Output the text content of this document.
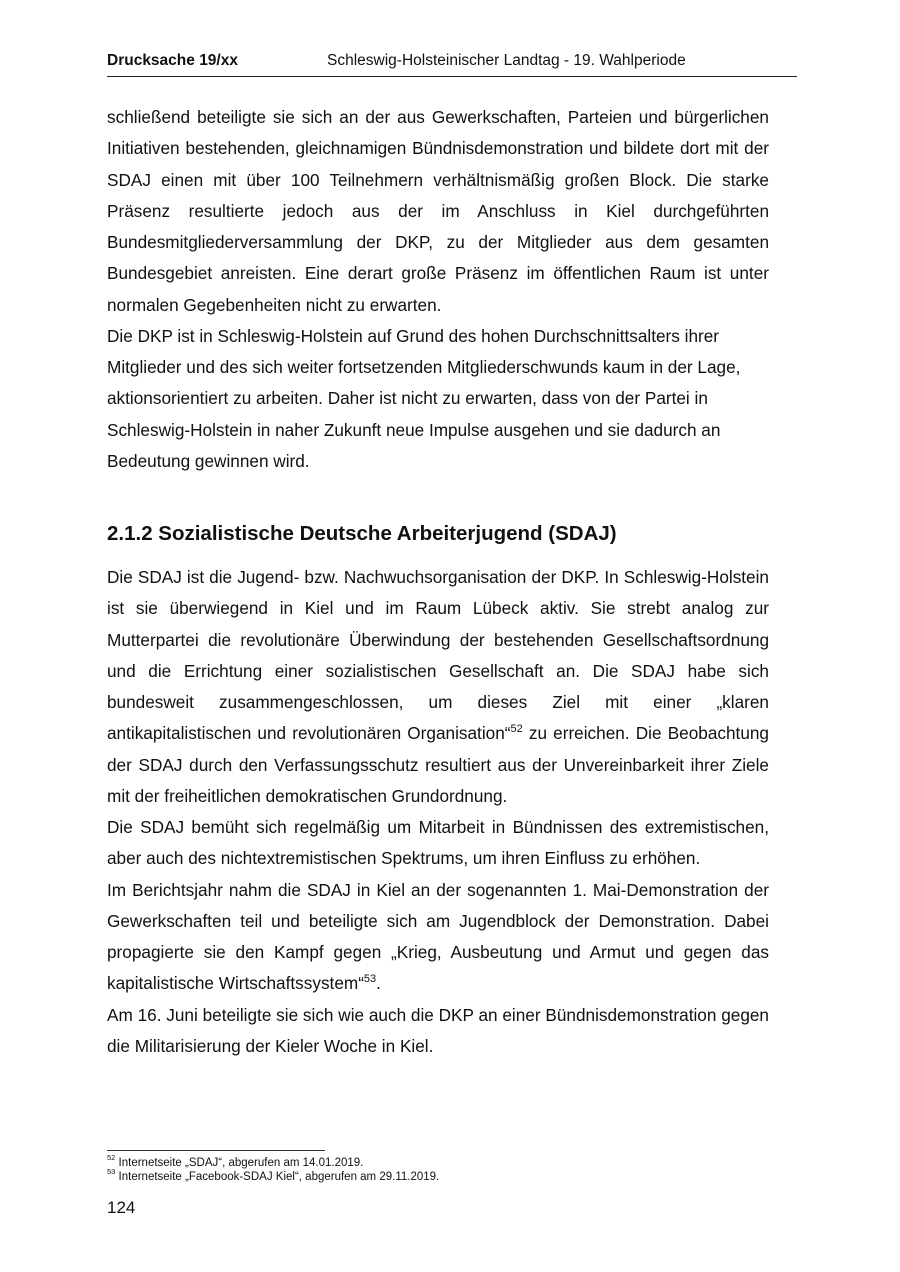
Drucksache 19/xx	Schleswig-Holsteinischer Landtag - 19. Wahlperiode

schließend beteiligte sie sich an der aus Gewerkschaften, Parteien und bürgerlichen Initiativen bestehenden, gleichnamigen Bündnisdemonstration und bildete dort mit der SDAJ einen mit über 100 Teilnehmern verhältnismäßig großen Block. Die starke Präsenz resultierte jedoch aus der im Anschluss in Kiel durchgeführten Bundesmitgliederversammlung der DKP, zu der Mitglieder aus dem gesamten Bundesgebiet anreisten. Eine derart große Präsenz im öffentlichen Raum ist unter normalen Gegebenheiten nicht zu erwarten.

Die DKP ist in Schleswig-Holstein auf Grund des hohen Durchschnittsalters ihrer Mitglieder und des sich weiter fortsetzenden Mitgliederschwunds kaum in der Lage, aktionsorientiert zu arbeiten. Daher ist nicht zu erwarten, dass von der Partei in Schleswig-Holstein in naher Zukunft neue Impulse ausgehen und sie dadurch an Bedeutung gewinnen wird.

2.1.2 Sozialistische Deutsche Arbeiterjugend (SDAJ)

Die SDAJ ist die Jugend- bzw. Nachwuchsorganisation der DKP. In Schleswig-Holstein ist sie überwiegend in Kiel und im Raum Lübeck aktiv. Sie strebt analog zur Mutterpartei die revolutionäre Überwindung der bestehenden Gesellschaftsordnung und die Errichtung einer sozialistischen Gesellschaft an. Die SDAJ habe sich bundesweit zusammengeschlossen, um dieses Ziel mit einer „klaren antikapitalistischen und revolutionären Organisation“$^{52}$ zu erreichen. Die Beobachtung der SDAJ durch den Verfassungsschutz resultiert aus der Unvereinbarkeit ihrer Ziele mit der freiheitlichen demokratischen Grundordnung.

Die SDAJ bemüht sich regelmäßig um Mitarbeit in Bündnissen des extremistischen, aber auch des nichtextremistischen Spektrums, um ihren Einfluss zu erhöhen.

Im Berichtsjahr nahm die SDAJ in Kiel an der sogenannten 1. Mai-Demonstration der Gewerkschaften teil und beteiligte sich am Jugendblock der Demonstration. Dabei propagierte sie den Kampf gegen „Krieg, Ausbeutung und Armut und gegen das kapitalistische Wirtschaftssystem“$^{53}$.

Am 16. Juni beteiligte sie sich wie auch die DKP an einer Bündnisdemonstration gegen die Militarisierung der Kieler Woche in Kiel.

$^{52}$ Internetseite „SDAJ“, abgerufen am 14.01.2019.
$^{53}$ Internetseite „Facebook-SDAJ Kiel“, abgerufen am 29.11.2019.
124
